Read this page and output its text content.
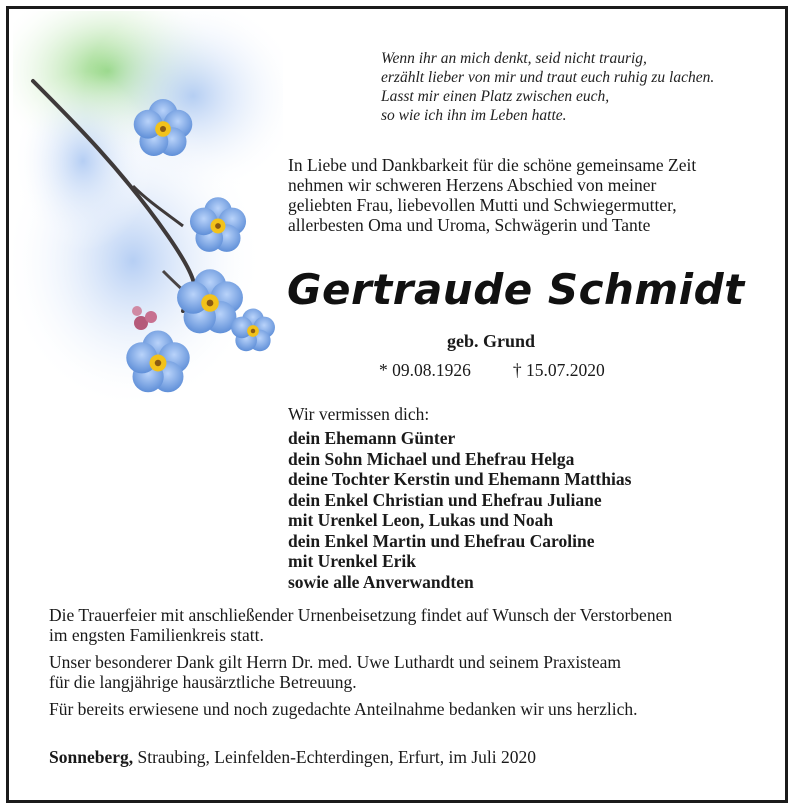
Wenn ihr an mich denkt, seid nicht traurig,
erzählt lieber von mir und traut euch ruhig zu lachen.
Lasst mir einen Platz zwischen euch,
so wie ich ihn im Leben hatte.
In Liebe und Dankbarkeit für die schöne gemeinsame Zeit
nehmen wir schweren Herzens Abschied von meiner
geliebten Frau, liebevollen Mutti und Schwiegermutter,
allerbesten Oma und Uroma, Schwägerin und Tante
Gertraude Schmidt
geb. Grund
* 09.08.1926 † 15.07.2020
Wir vermissen dich:
dein Ehemann Günter
dein Sohn Michael und Ehefrau Helga
deine Tochter Kerstin und Ehemann Matthias
dein Enkel Christian und Ehefrau Juliane
mit Urenkel Leon, Lukas und Noah
dein Enkel Martin und Ehefrau Caroline
mit Urenkel Erik
sowie alle Anverwandten

Die Trauerfeier mit anschließender Urnenbeisetzung findet auf Wunsch der Verstorbenen
im engsten Familienkreis statt.

Unser besonderer Dank gilt Herrn Dr. med. Uwe Luthardt und seinem Praxisteam
für die langjährige hausärztliche Betreuung.

Für bereits erwiesene und noch zugedachte Anteilnahme bedanken wir uns herzlich.

Sonneberg, Straubing, Leinfelden-Echterdingen, Erfurt, im Juli 2020
